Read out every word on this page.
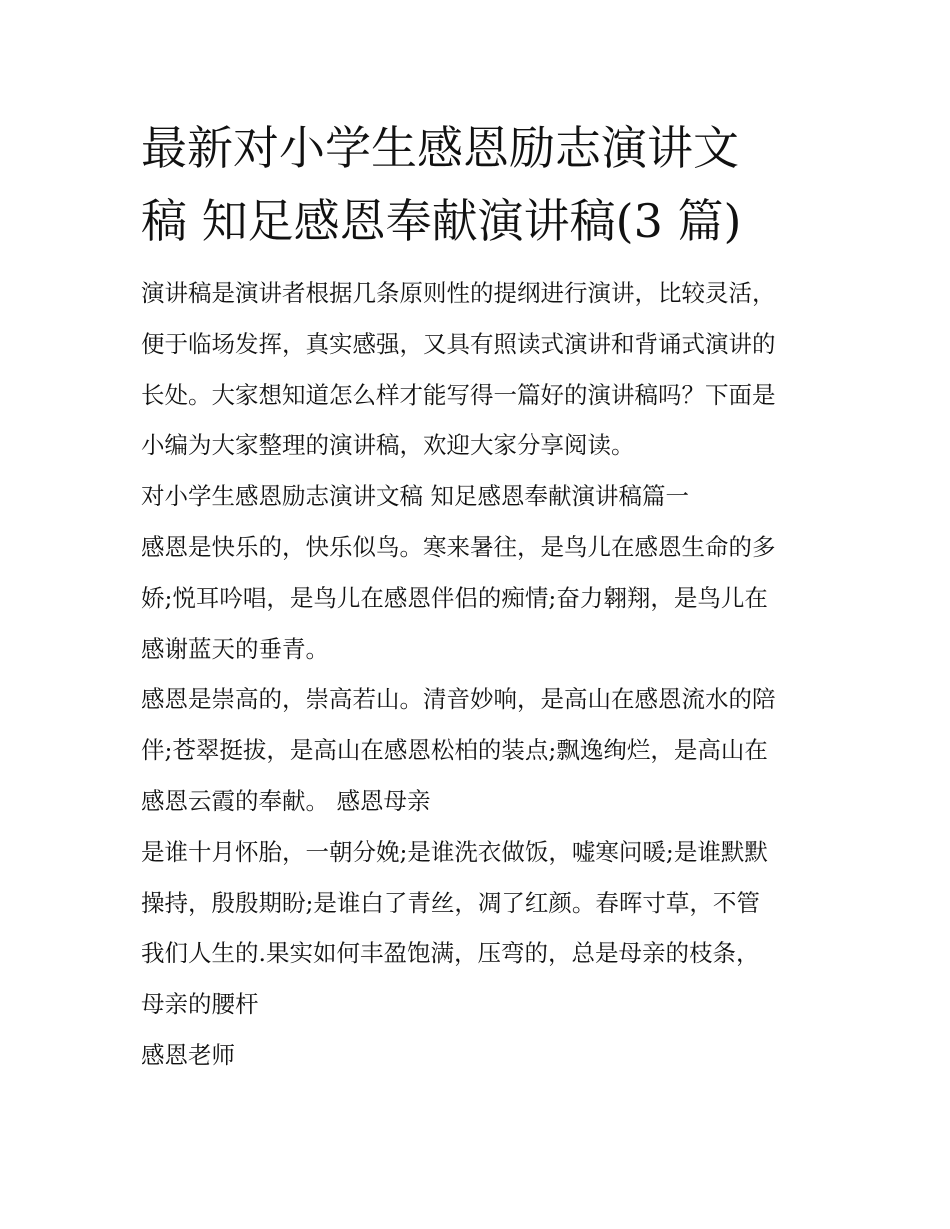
最新对小学生感恩励志演讲文
稿 知足感恩奉献演讲稿(3 篇)

演讲稿是演讲者根据几条原则性的提纲进行演讲，比较灵活，
便于临场发挥，真实感强，又具有照读式演讲和背诵式演讲的
长处。大家想知道怎么样才能写得一篇好的演讲稿吗？下面是
小编为大家整理的演讲稿，欢迎大家分享阅读。

对小学生感恩励志演讲文稿 知足感恩奉献演讲稿篇一

感恩是快乐的，快乐似鸟。寒来暑往，是鸟儿在感恩生命的多
娇;悦耳吟唱，是鸟儿在感恩伴侣的痴情;奋力翱翔，是鸟儿在
感谢蓝天的垂青。

感恩是崇高的，崇高若山。清音妙响，是高山在感恩流水的陪
伴;苍翠挺拔，是高山在感恩松柏的装点;飘逸绚烂，是高山在
感恩云霞的奉献。 感恩母亲

是谁十月怀胎，一朝分娩;是谁洗衣做饭，嘘寒问暖;是谁默默
操持，殷殷期盼;是谁白了青丝，凋了红颜。春晖寸草，不管
我们人生的.果实如何丰盈饱满，压弯的，总是母亲的枝条，
母亲的腰杆

感恩老师
